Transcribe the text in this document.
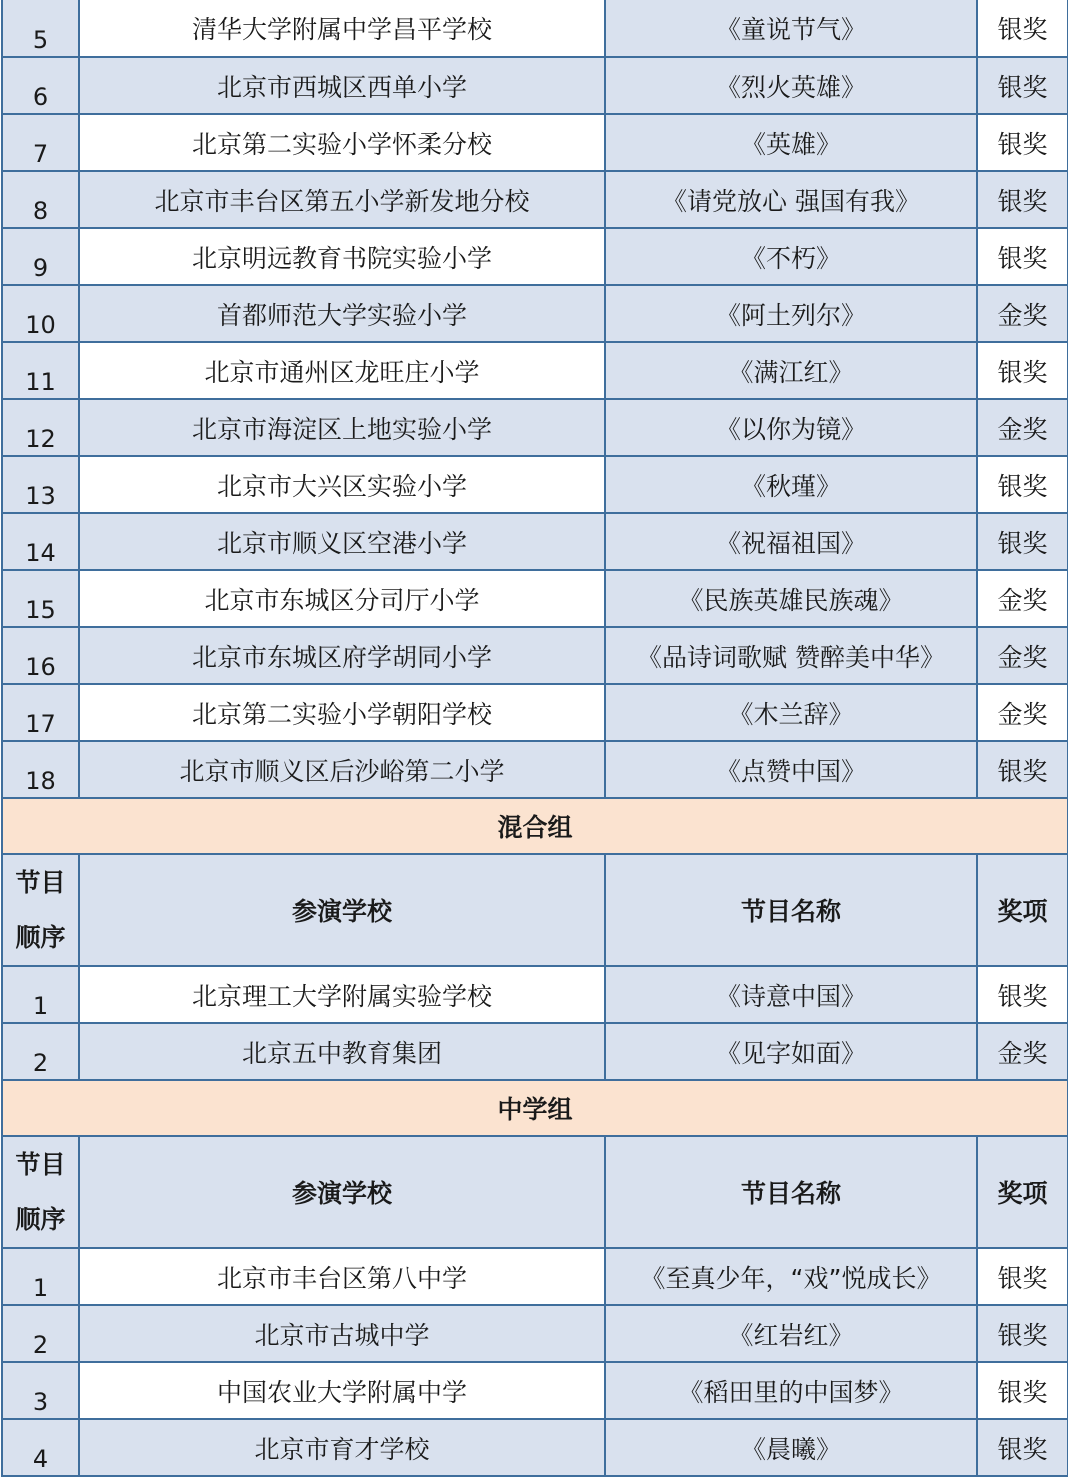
5	清华大学附属中学昌平学校	《童说节气》	银奖
6	北京市西城区西单小学	《烈火英雄》	银奖
7	北京第二实验小学怀柔分校	《英雄》	银奖
8	北京市丰台区第五小学新发地分校	《请党放心 强国有我》	银奖
9	北京明远教育书院实验小学	《不朽》	银奖
10	首都师范大学实验小学	《阿土列尔》	金奖
11	北京市通州区龙旺庄小学	《满江红》	银奖
12	北京市海淀区上地实验小学	《以你为镜》	金奖
13	北京市大兴区实验小学	《秋瑾》	银奖
14	北京市顺义区空港小学	《祝福祖国》	银奖
15	北京市东城区分司厅小学	《民族英雄民族魂》	金奖
16	北京市东城区府学胡同小学	《品诗词歌赋 赞醉美中华》	金奖
17	北京第二实验小学朝阳学校	《木兰辞》	金奖
18	北京市顺义区后沙峪第二小学	《点赞中国》	银奖
混合组			

节目
顺序	参演学校	节目名称	奖项
1	北京理工大学附属实验学校	《诗意中国》	银奖
2	北京五中教育集团	《见字如面》	金奖
中学组			

节目
顺序	参演学校	节目名称	奖项
1	北京市丰台区第八中学	《至真少年，“戏”悦成长》	银奖
2	北京市古城中学	《红岩红》	银奖
3	中国农业大学附属中学	《稻田里的中国梦》	银奖
4	北京市育才学校	《晨曦》	银奖
